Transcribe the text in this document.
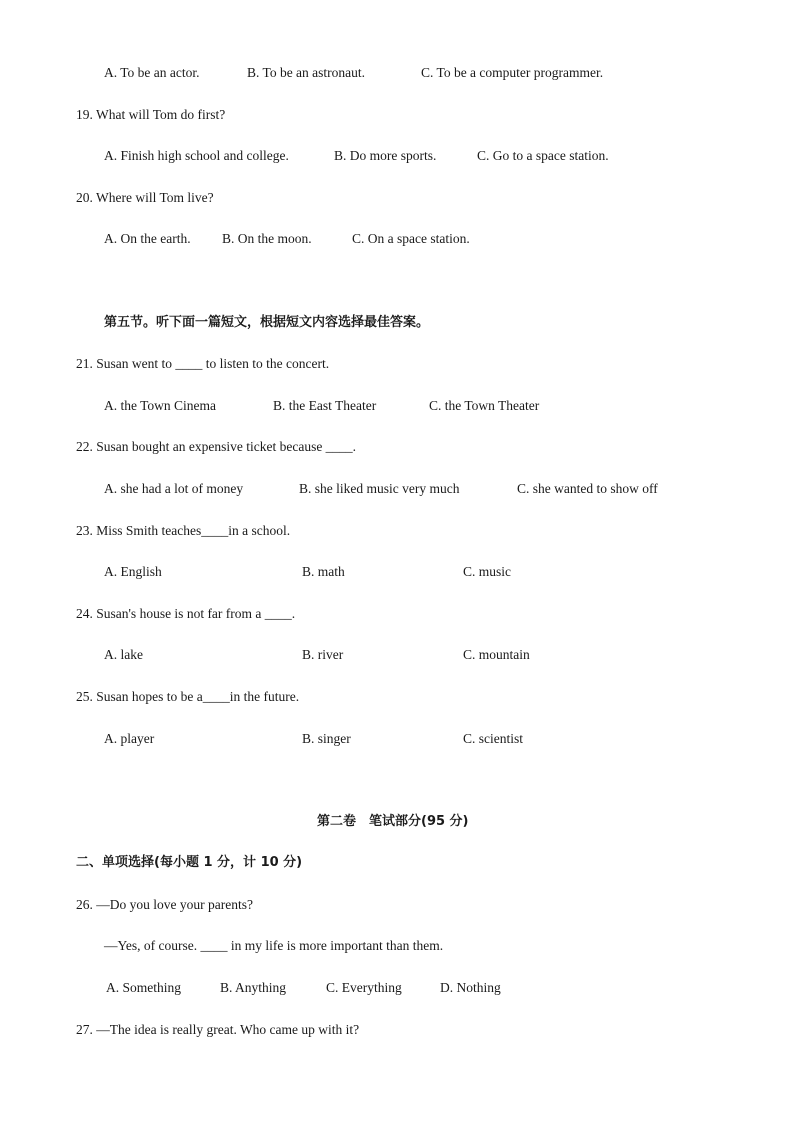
A. To be an actor.	B. To be an astronaut.	C. To be a computer programmer.
19. What will Tom do first?
A. Finish high school and college.	B. Do more sports.	C. Go to a space station.
20. Where will Tom live?
A. On the earth. B. On the moon.	C. On a space station.
第五节。听下面一篇短文，根据短文内容选择最佳答案。
21. Susan went to ____ to listen to the concert.
A. the Town Cinema	B. the East Theater	C. the Town Theater
22. Susan bought an expensive ticket because ____.
A. she had a lot of money	B. she liked music very much	C. she wanted to show off
23. Miss Smith teaches____in a school.
A. English	B. math	C. music
24. Susan's house is not far from a ____.
A. lake	B. river	C. mountain
25. Susan hopes to be a____in the future.
A. player	B. singer	C. scientist
第二卷　笔试部分(95 分)
二、单项选择(每小题 1 分，计 10 分)
26. —Do you love your parents?
—Yes, of course. ____ in my life is more important than them.
A. Something	B. Anything	C. Everything	D. Nothing
27. —The idea is really great. Who came up with it?
